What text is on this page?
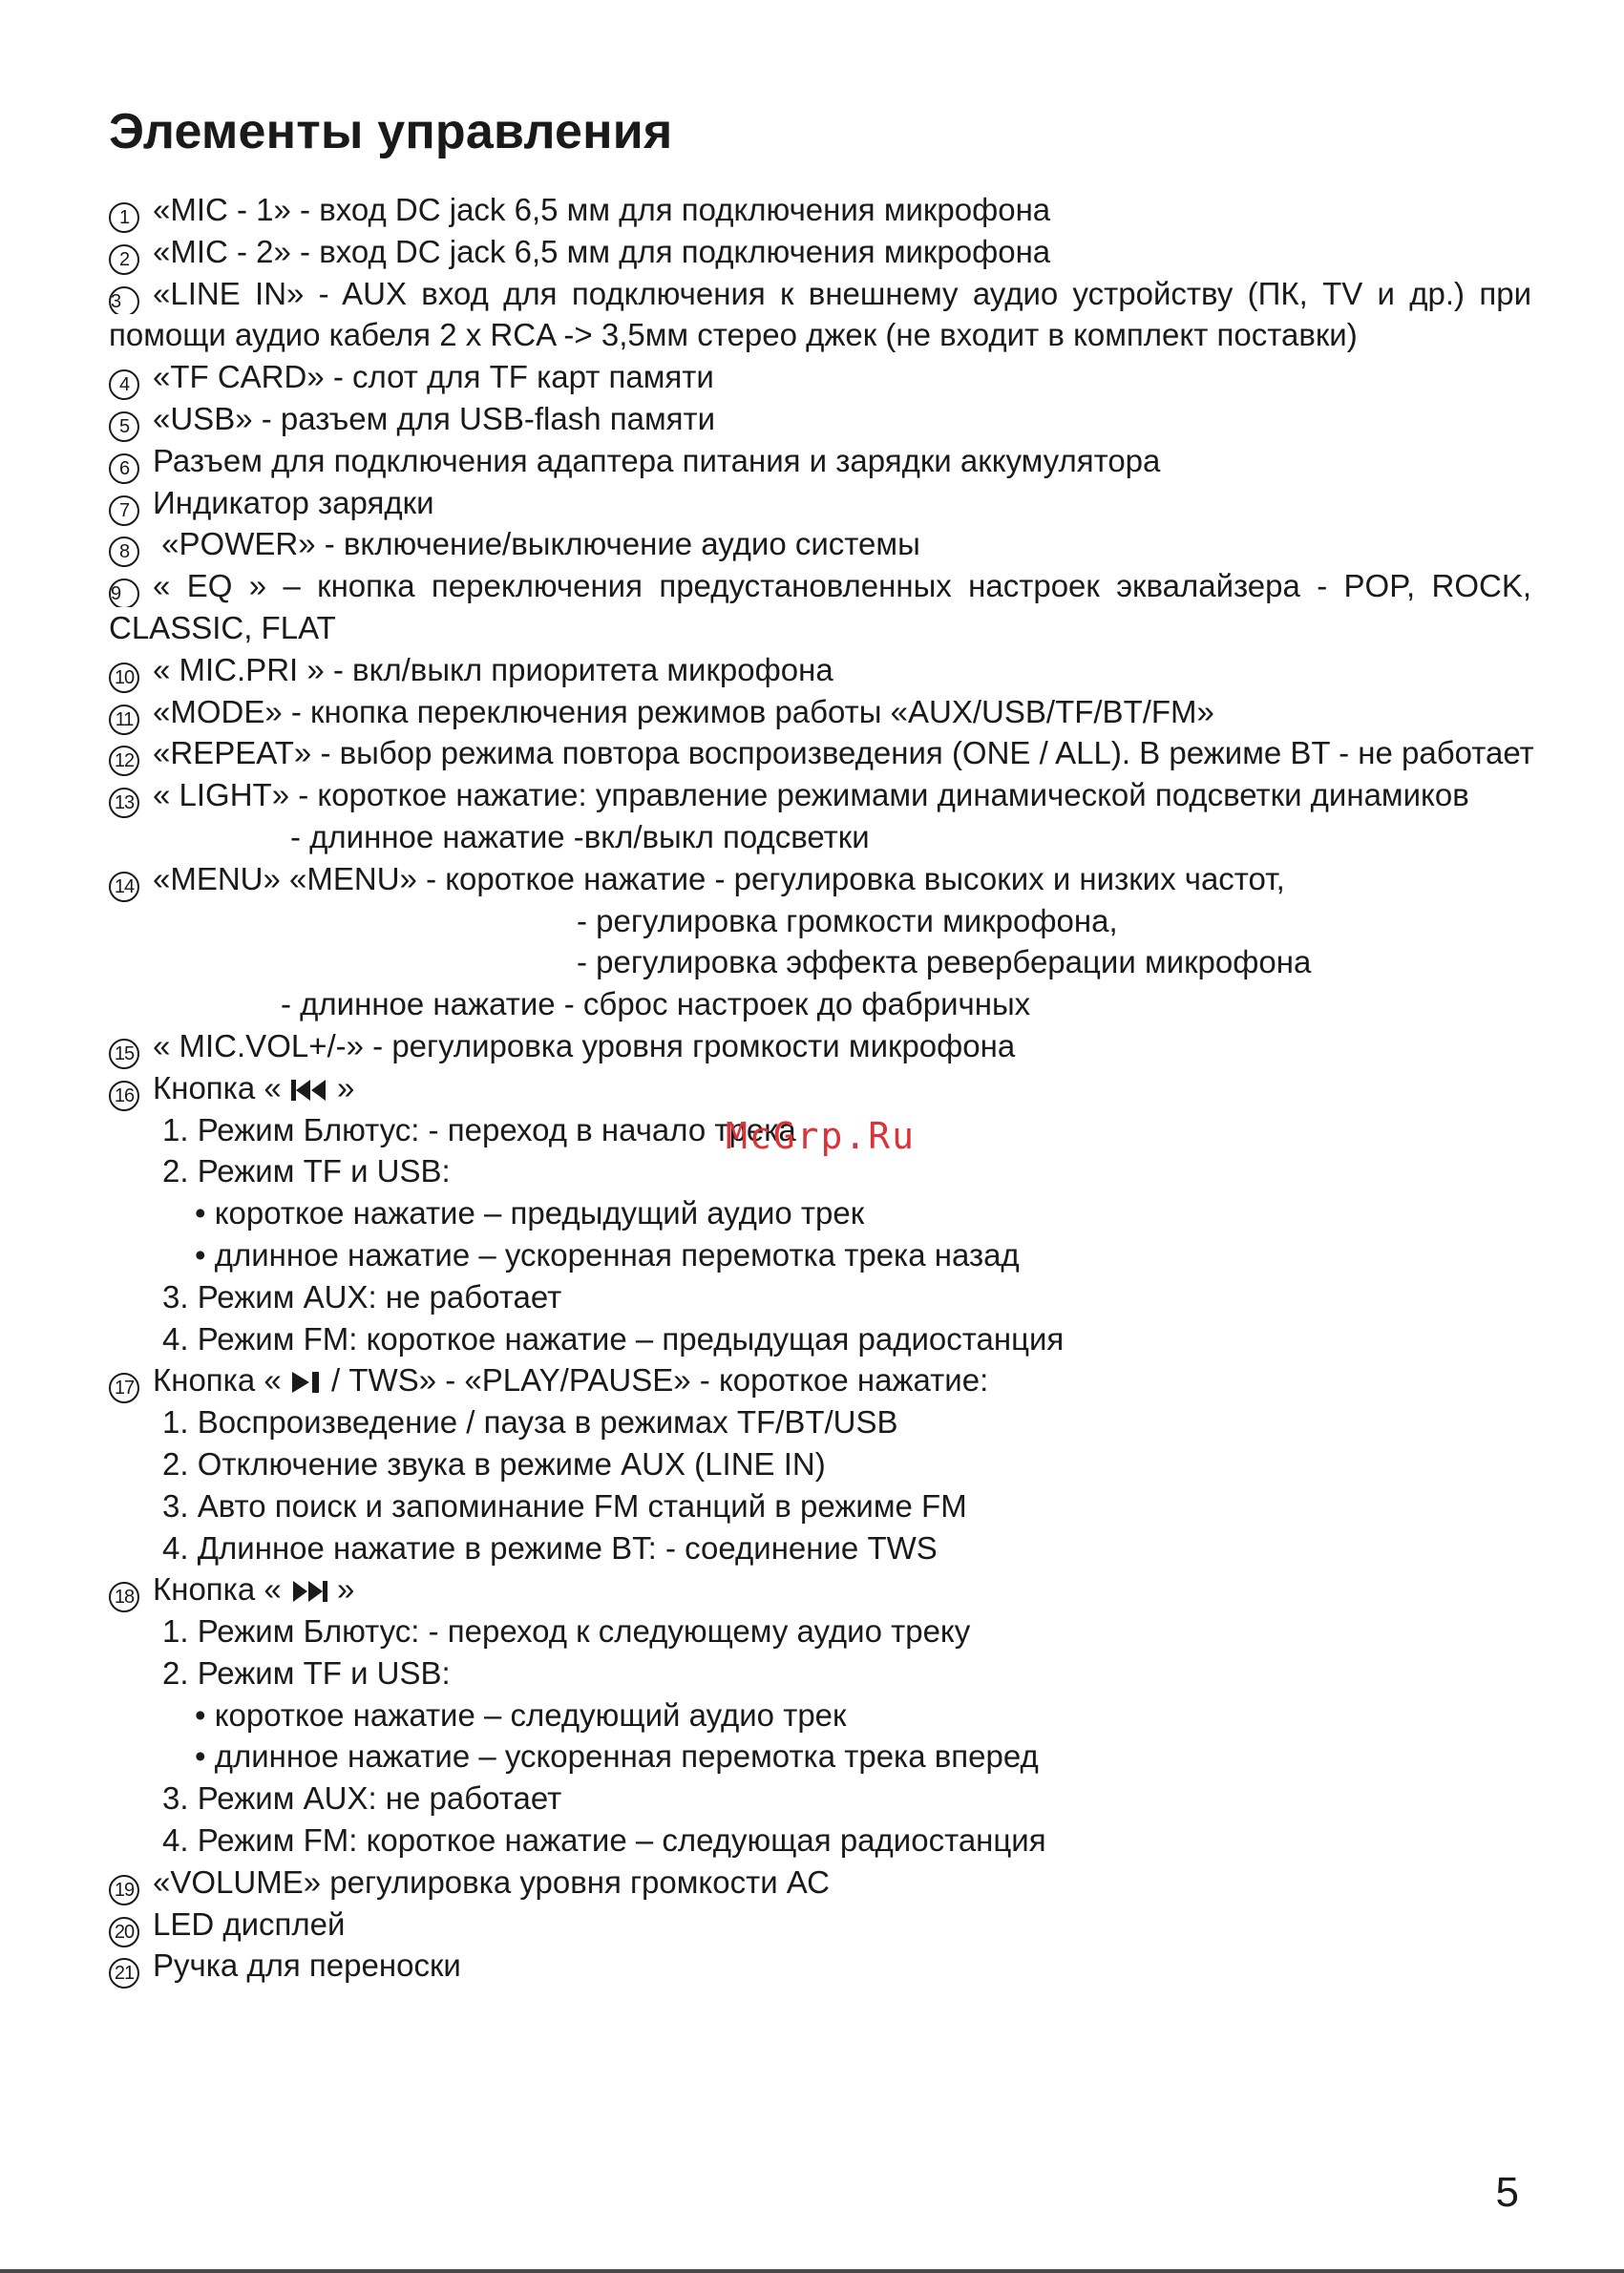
Элементы управления
1 «MIC - 1» - вход DC jack 6,5 мм для подключения микрофона
2 «MIC - 2» - вход DC jack 6,5 мм для подключения микрофона
3 «LINE IN» - AUX вход для подключения к внешнему аудио устройству (ПК, TV и др.) при
помощи аудио кабеля 2 х RCA -> 3,5мм стерео джек (не входит в комплект поставки)
4 «TF CARD» - слот для TF карт памяти
5 «USB» - разъем для USB-flash памяти
6 Разъем для подключения адаптера питания и зарядки аккумулятора
7 Индикатор зарядки
8 «POWER» - включение/выключение аудио системы
9 « EQ » – кнопка переключения предустановленных настроек эквалайзера - POP, ROCK,
CLASSIC, FLAT
10 « MIC.PRI » - вкл/выкл приоритета микрофона
11 «MODE» - кнопка переключения режимов работы «AUX/USB/TF/BT/FM»
12 «REPEAT» - выбор режима повтора воспроизведения (ONE / ALL). В режиме BT - не работает
13 « LIGHT» - короткое нажатие: управление режимами динамической подсветки динамиков
- длинное нажатие -вкл/выкл подсветки
14 «MENU» «MENU» - короткое нажатие - регулировка высоких и низких частот,
- регулировка громкости микрофона,
- регулировка эффекта реверберации микрофона
- длинное нажатие - сброс настроек до фабричных
15 « MIC.VOL+/-» - регулировка уровня громкости микрофона
16 Кнопка «  »
1. Режим Блютус: - переход в начало трека
2. Режим TF и USB:
• короткое нажатие – предыдущий аудио трек
• длинное нажатие – ускоренная перемотка трека назад
3. Режим AUX: не работает
4. Режим FM: короткое нажатие – предыдущая радиостанция
17 Кнопка «  / TWS» - «PLAY/PAUSE» - короткое нажатие:
1. Воспроизведение / пауза в режимах TF/BT/USB
2. Отключение звука в режиме AUX (LINE IN)
3. Авто поиск и запоминание FM станций в режиме FM
4. Длинное нажатие в режиме BT: - соединение TWS
18 Кнопка «  »
1. Режим Блютус: - переход к следующему аудио треку
2. Режим TF и USB:
• короткое нажатие – следующий аудио трек
• длинное нажатие – ускоренная перемотка трека вперед
3. Режим AUX: не работает
4. Режим FM: короткое нажатие – следующая радиостанция
19 «VOLUME» регулировка уровня громкости АС
20 LED дисплей
21 Ручка для переноски
McGrp.Ru
5
